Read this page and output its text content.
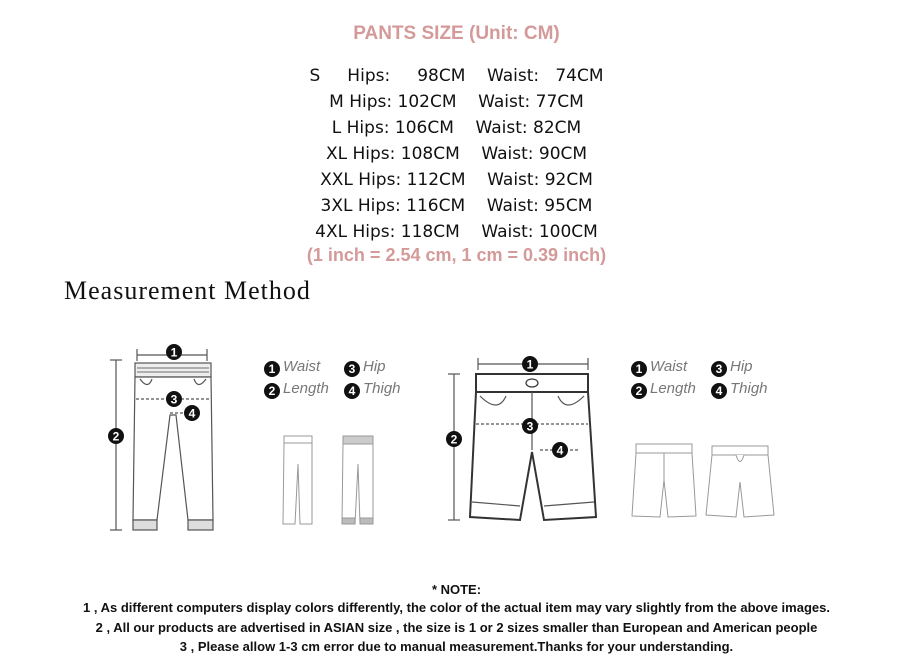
PANTS SIZE (Unit: CM)
S     Hips:     98CM    Waist:   74CM
M Hips: 102CM    Waist: 77CM
L Hips: 106CM    Waist: 82CM
XL Hips: 108CM    Waist: 90CM
XXL Hips: 112CM    Waist: 92CM
3XL Hips: 116CM    Waist: 95CM
4XL Hips: 118CM    Waist: 100CM
(1 inch = 2.54 cm, 1 cm = 0.39 inch)
Measurement Method
1
2
3
4
1 Waist	3 Hip
2 Length	4 Thigh
1
2
3
4
1 Waist	3 Hip
2 Length	4 Thigh
* NOTE:
1 , As different computers display colors differently, the color of the actual item may vary slightly from the above images.
2 , All our products are advertised in ASIAN size , the size is 1 or 2 sizes smaller than European and American people
3 , Please allow 1-3 cm error due to manual measurement.Thanks for your understanding.
